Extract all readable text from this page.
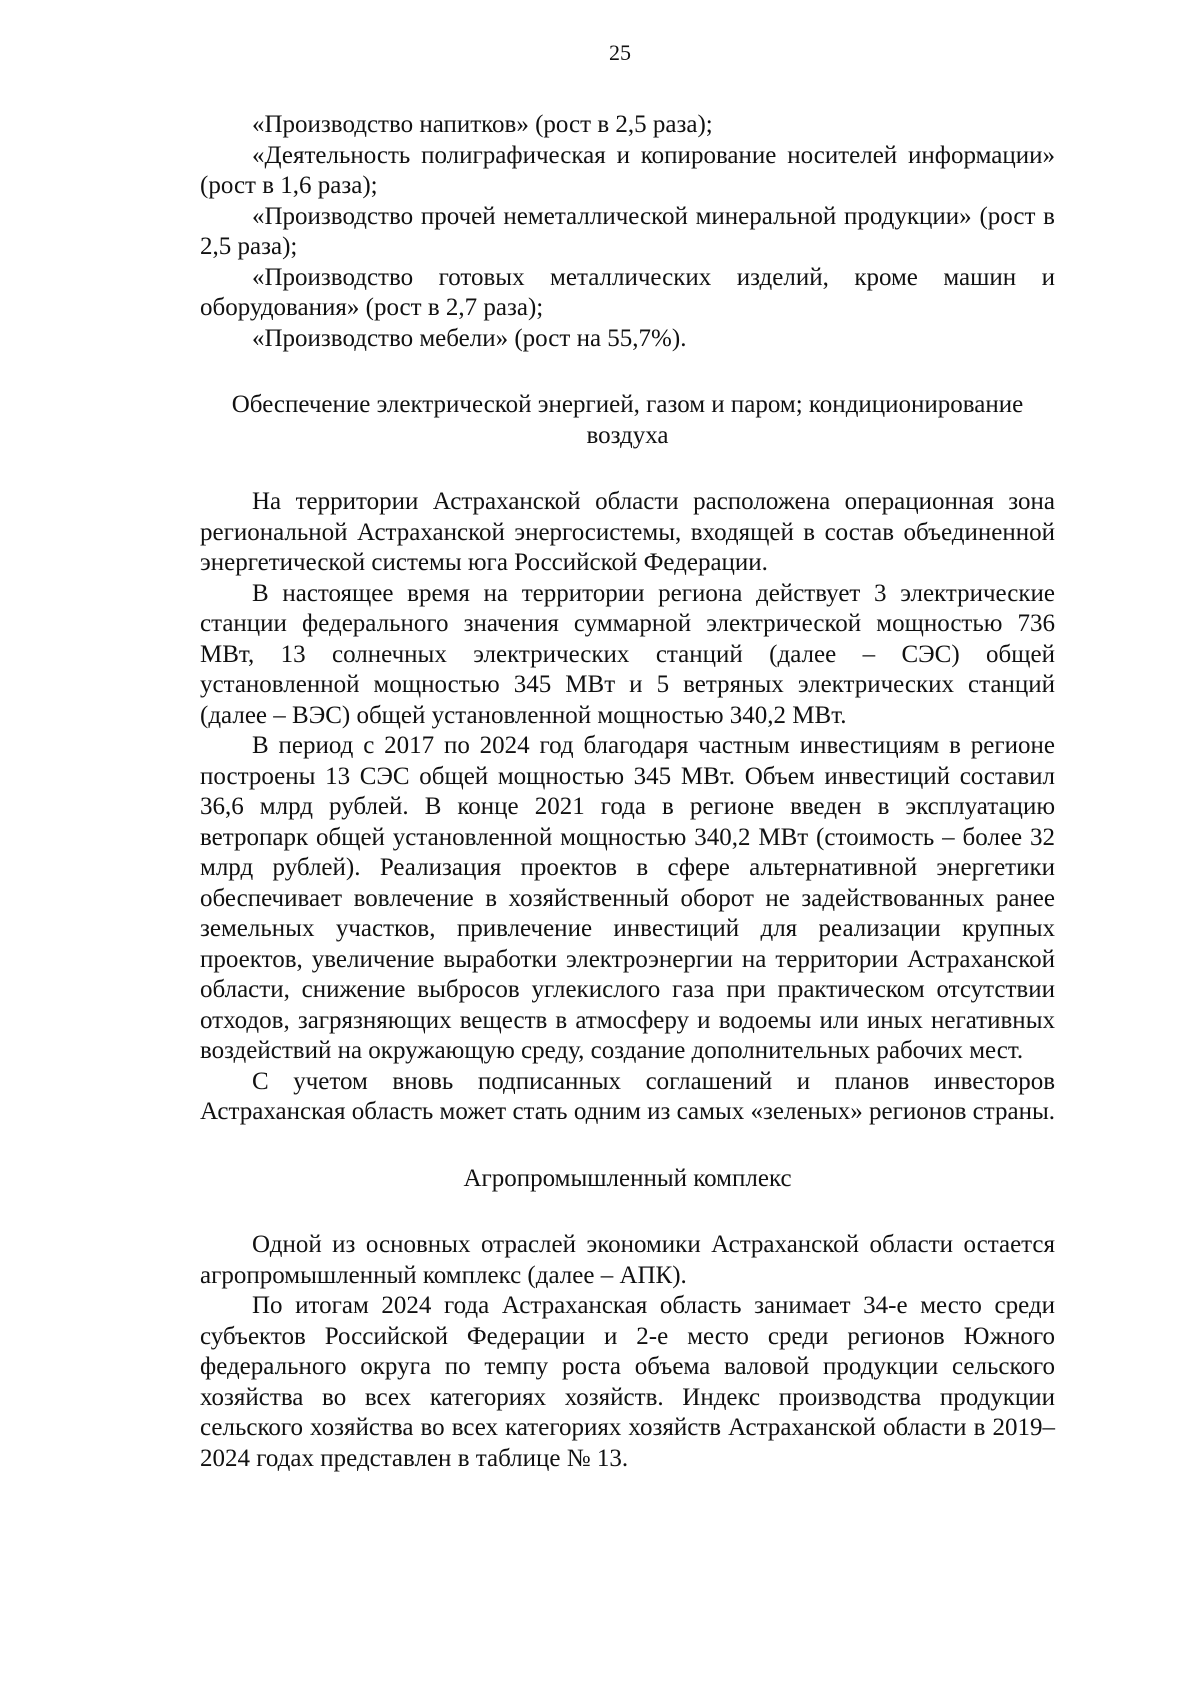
25

«Производство напитков» (рост в 2,5 раза);

«Деятельность полиграфическая и копирование носителей информации» (рост в 1,6 раза);

«Производство прочей неметаллической минеральной продукции» (рост в 2,5 раза);

«Производство готовых металлических изделий, кроме машин и оборудования» (рост в 2,7 раза);

«Производство мебели» (рост на 55,7%).

Обеспечение электрической энергией, газом и паром; кондиционирование воздуха

На территории Астраханской области расположена операционная зона региональной Астраханской энергосистемы, входящей в состав объединенной энергетической системы юга Российской Федерации.

В настоящее время на территории региона действует 3 электрические станции федерального значения суммарной электрической мощностью 736 МВт, 13 солнечных электрических станций (далее – СЭС) общей установленной мощностью 345 МВт и 5 ветряных электрических станций (далее – ВЭС) общей установленной мощностью 340,2 МВт.

В период с 2017 по 2024 год благодаря частным инвестициям в регионе построены 13 СЭС общей мощностью 345 МВт. Объем инвестиций составил 36,6 млрд рублей. В конце 2021 года в регионе введен в эксплуатацию ветропарк общей установленной мощностью 340,2 МВт (стоимость – более 32 млрд рублей). Реализация проектов в сфере альтернативной энергетики обеспечивает вовлечение в хозяйственный оборот не задействованных ранее земельных участков, привлечение инвестиций для реализации крупных проектов, увеличение выработки электроэнергии на территории Астраханской области, снижение выбросов углекислого газа при практическом отсутствии отходов, загрязняющих веществ в атмосферу и водоемы или иных негативных воздействий на окружающую среду, создание дополнительных рабочих мест.

С учетом вновь подписанных соглашений и планов инвесторов Астраханская область может стать одним из самых «зеленых» регионов страны.

Агропромышленный комплекс

Одной из основных отраслей экономики Астраханской области остается агропромышленный комплекс (далее – АПК).

По итогам 2024 года Астраханская область занимает 34-е место среди субъектов Российской Федерации и 2-е место среди регионов Южного федерального округа по темпу роста объема валовой продукции сельского хозяйства во всех категориях хозяйств. Индекс производства продукции сельского хозяйства во всех категориях хозяйств Астраханской области в 2019–2024 годах представлен в таблице № 13.
